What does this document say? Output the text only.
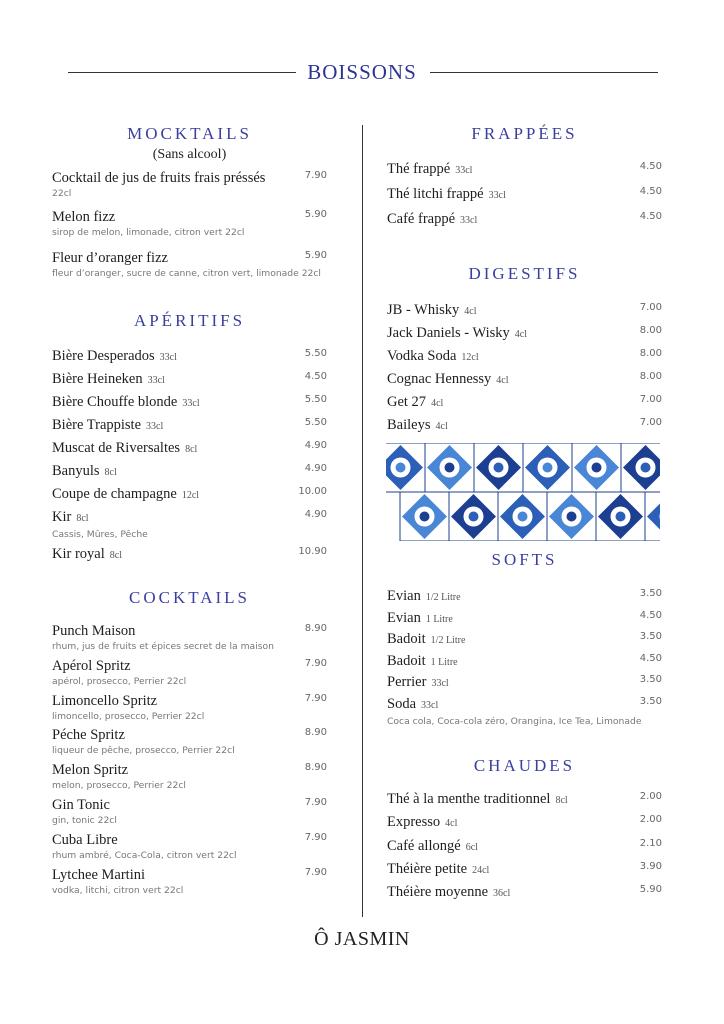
BOISSONS
MOCKTAILS
(Sans alcool)
Cocktail de jus de fruits frais préssés	7.90
22cl
Melon fizz	5.90
sirop de melon, limonade, citron vert 22cl
Fleur d’oranger fizz	5.90
fleur d’oranger, sucre de canne, citron vert, limonade 22cl
APÉRITIFS
Bière Desperados 33cl	5.50
Bière Heineken 33cl	4.50
Bière Chouffe blonde 33cl	5.50
Bière Trappiste 33cl	5.50
Muscat de Riversaltes 8cl	4.90
Banyuls 8cl	4.90
Coupe de champagne 12cl	10.00
Kir 8cl	4.90
Cassis, Mûres, Pêche
Kir royal 8cl	10.90
COCKTAILS
Punch Maison	8.90
rhum, jus de fruits et épices secret de la maison
Apérol Spritz	7.90
apérol, prosecco, Perrier 22cl
Limoncello Spritz	7.90
limoncello, prosecco, Perrier 22cl
Péche Spritz	8.90
liqueur de pêche, prosecco, Perrier 22cl
Melon Spritz	8.90
melon, prosecco, Perrier 22cl
Gin Tonic	7.90
gin, tonic 22cl
Cuba Libre	7.90
rhum ambré, Coca-Cola, citron vert 22cl
Lytchee Martini	7.90
vodka, litchi, citron vert 22cl
FRAPPÉES
Thé frappé 33cl	4.50
Thé litchi frappé 33cl	4.50
Café frappé 33cl	4.50
DIGESTIFS
JB - Whisky 4cl	7.00
Jack Daniels - Wisky 4cl	8.00
Vodka Soda 12cl	8.00
Cognac Hennessy 4cl	8.00
Get 27 4cl	7.00
Baileys 4cl	7.00
SOFTS
Evian 1/2 Litre	3.50
Evian 1 Litre	4.50
Badoit 1/2 Litre	3.50
Badoit 1 Litre	4.50
Perrier 33cl	3.50
Soda 33cl	3.50
Coca cola, Coca-cola zéro, Orangina, Ice Tea, Limonade
CHAUDES
Thé à la menthe traditionnel 8cl	2.00
Expresso 4cl	2.00
Café allongé 6cl	2.10
Théière petite 24cl	3.90
Théière moyenne 36cl	5.90
Ô JASMIN
